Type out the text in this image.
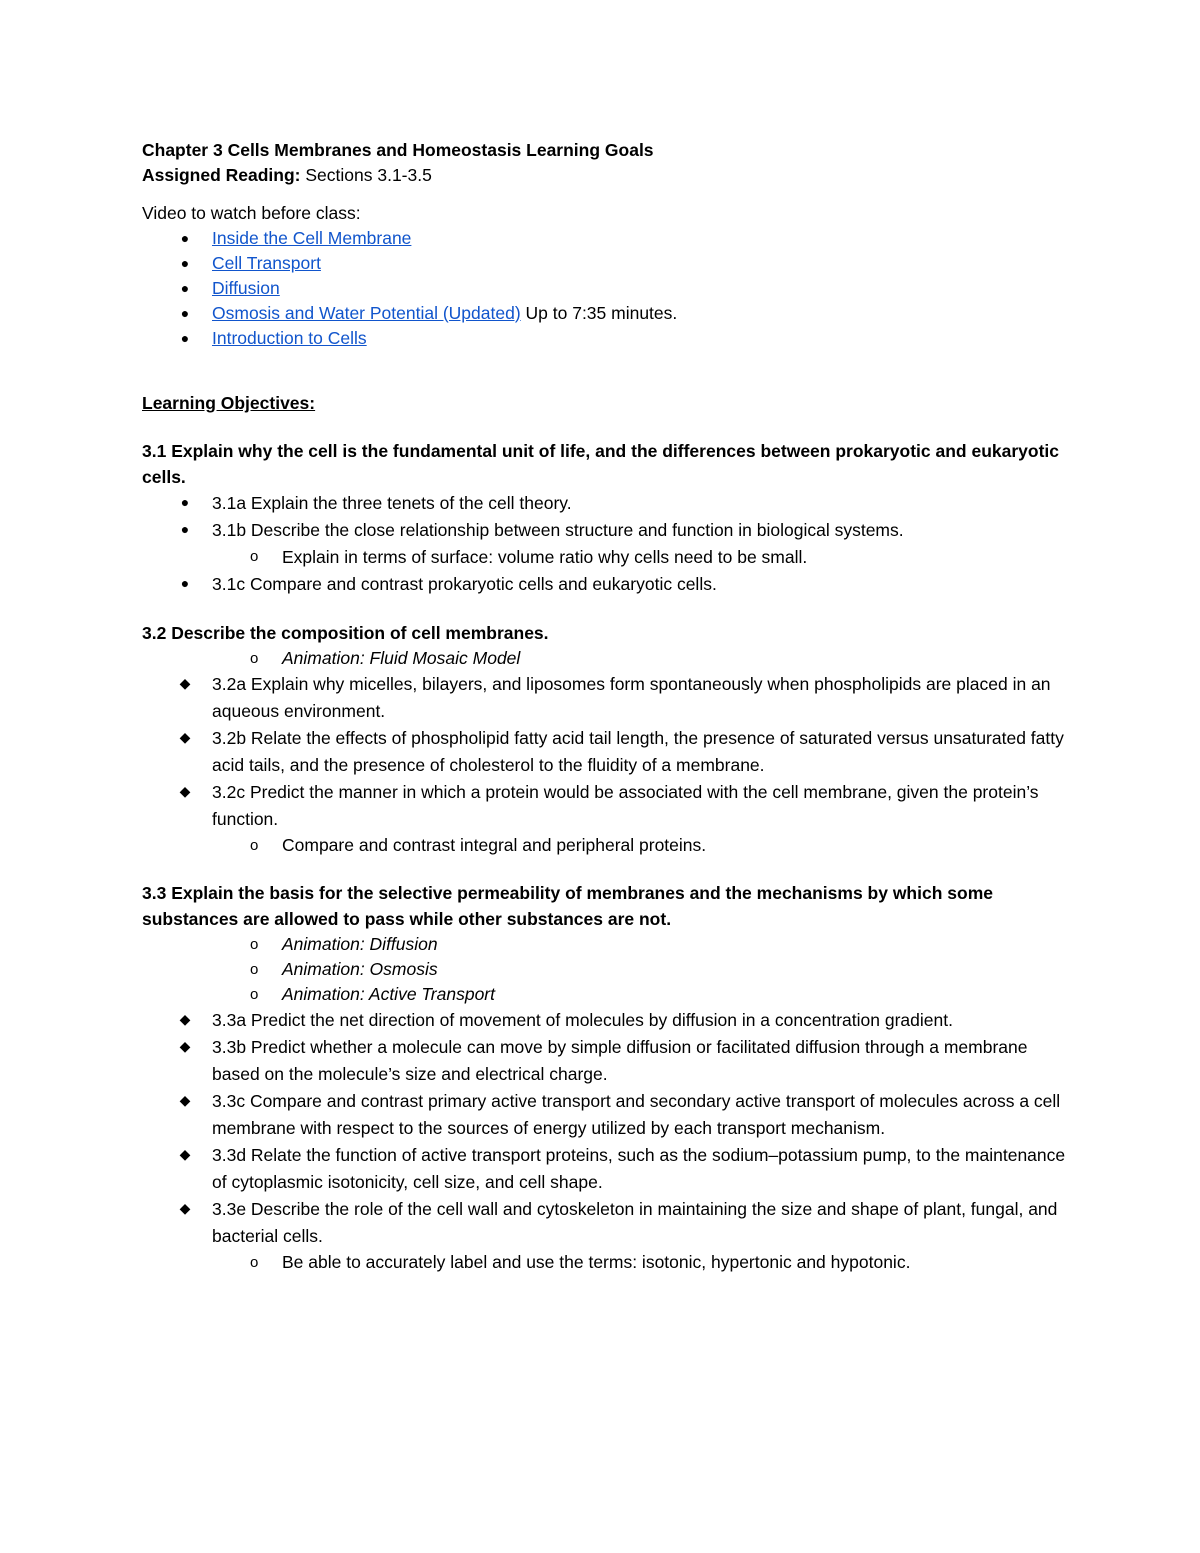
Chapter 3 Cells Membranes and Homeostasis Learning Goals

Assigned Reading: Sections 3.1-3.5

Video to watch before class:

●	Inside the Cell Membrane
●	Cell Transport
●	Diffusion
●	Osmosis and Water Potential (Updated) Up to 7:35 minutes.
●	Introduction to Cells

Learning Objectives:

3.1 Explain why the cell is the fundamental unit of life, and the differences between prokaryotic and eukaryotic cells.

●	3.1a Explain the three tenets of the cell theory.
●	3.1b Describe the close relationship between structure and function in biological systems.
o	Explain in terms of surface: volume ratio why cells need to be small.
●	3.1c Compare and contrast prokaryotic cells and eukaryotic cells.

3.2 Describe the composition of cell membranes.

o	Animation: Fluid Mosaic Model
◆ 3.2a Explain why micelles, bilayers, and liposomes form spontaneously when phospholipids are placed in an aqueous environment.
◆ 3.2b Relate the effects of phospholipid fatty acid tail length, the presence of saturated versus unsaturated fatty acid tails, and the presence of cholesterol to the fluidity of a membrane.
◆ 3.2c Predict the manner in which a protein would be associated with the cell membrane, given the protein’s function.
o	Compare and contrast integral and peripheral proteins.

3.3 Explain the basis for the selective permeability of membranes and the mechanisms by which some substances are allowed to pass while other substances are not.

o	Animation: Diffusion
o	Animation: Osmosis
o	Animation: Active Transport
◆ 3.3a Predict the net direction of movement of molecules by diffusion in a concentration gradient.
◆ 3.3b Predict whether a molecule can move by simple diffusion or facilitated diffusion through a membrane based on the molecule’s size and electrical charge.
◆ 3.3c Compare and contrast primary active transport and secondary active transport of molecules across a cell membrane with respect to the sources of energy utilized by each transport mechanism.
◆ 3.3d Relate the function of active transport proteins, such as the sodium–potassium pump, to the maintenance of cytoplasmic isotonicity, cell size, and cell shape.
◆ 3.3e Describe the role of the cell wall and cytoskeleton in maintaining the size and shape of plant, fungal, and bacterial cells.
o	Be able to accurately label and use the terms: isotonic, hypertonic and hypotonic.
